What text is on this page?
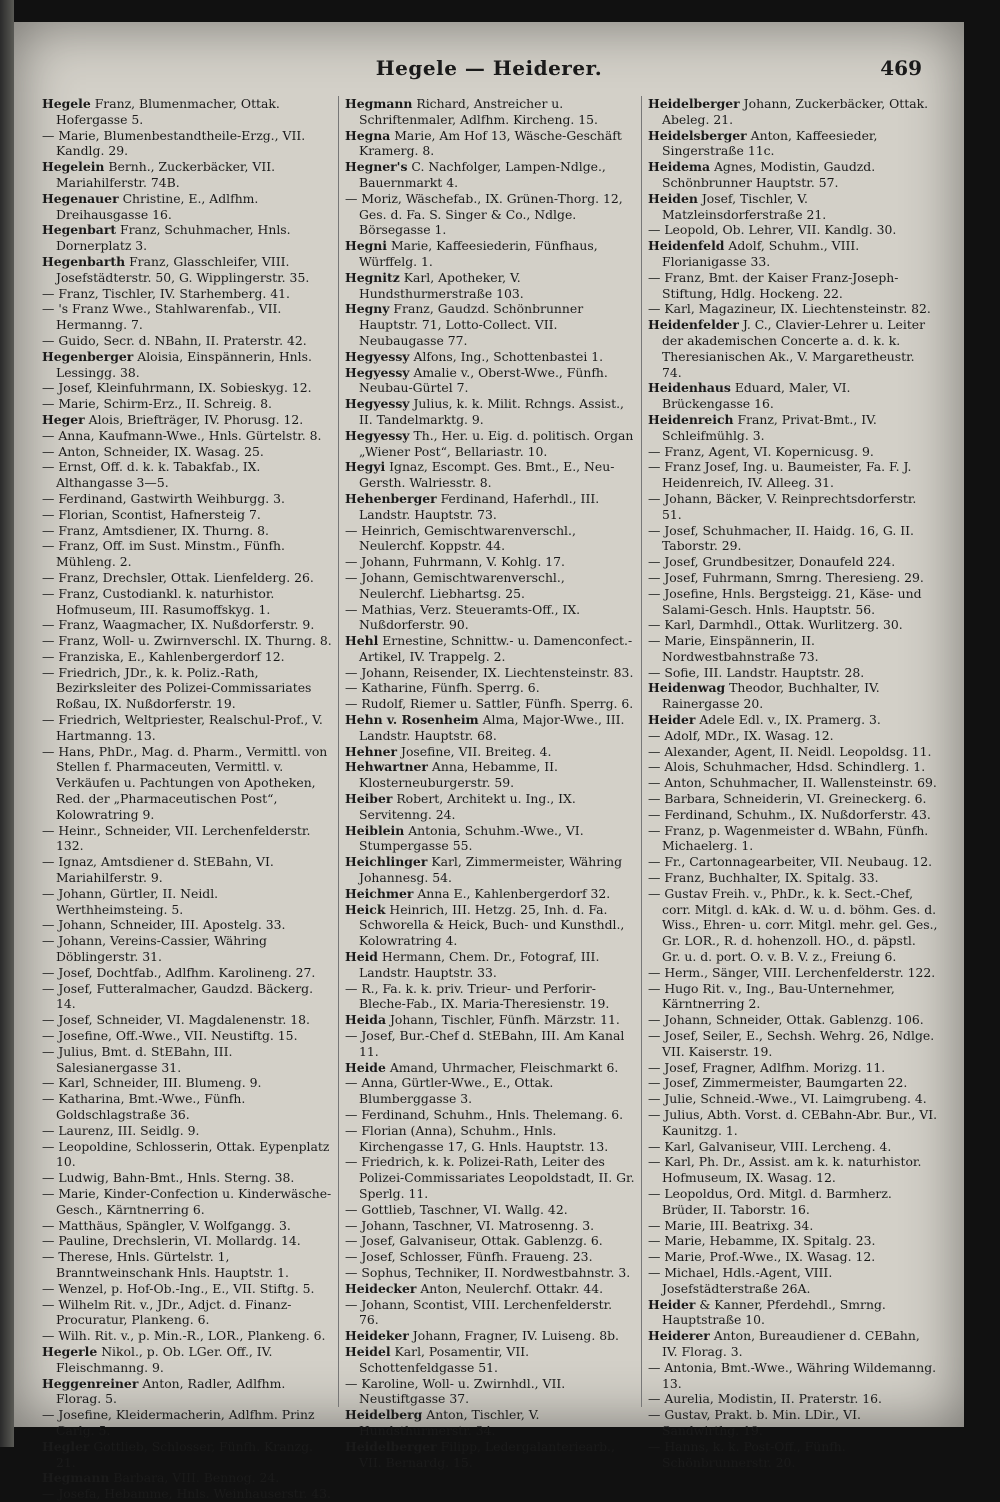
Hegele — Heiderer.	469
Hegele Franz, Blumenmacher, Ottak. Hofergasse 5.
— Marie, Blumenbestandtheile-Erzg., VII. Kandlg. 29.
Hegelein Bernh., Zuckerbäcker, VII. Mariahilferstr. 74B.
Hegenauer Christine, E., Adlfhm. Dreihausgasse 16.
Hegenbart Franz, Schuhmacher, Hnls. Dornerplatz 3.
Hegenbarth Franz, Glasschleifer, VIII. Josefstädterstr. 50, G. Wipplingerstr. 35.
— Franz, Tischler, IV. Starhemberg. 41.
— 's Franz Wwe., Stahlwarenfab., VII. Hermanng. 7.
— Guido, Secr. d. NBahn, II. Praterstr. 42.
Hegenberger Aloisia, Einspännerin, Hnls. Lessingg. 38.
— Josef, Kleinfuhrmann, IX. Sobieskyg. 12.
— Marie, Schirm-Erz., II. Schreig. 8.
Heger Alois, Briefträger, IV. Phorusg. 12.
— Anna, Kaufmann-Wwe., Hnls. Gürtelstr. 8.
— Anton, Schneider, IX. Wasag. 25.
— Ernst, Off. d. k. k. Tabakfab., IX. Althangasse 3—5.
— Ferdinand, Gastwirth Weihburgg. 3.
— Florian, Scontist, Hafnersteig 7.
— Franz, Amtsdiener, IX. Thurng. 8.
— Franz, Off. im Sust. Minstm., Fünfh. Mühleng. 2.
— Franz, Drechsler, Ottak. Lienfelderg. 26.
— Franz, Custodiankl. k. naturhistor. Hofmuseum, III. Rasumoffskyg. 1.
— Franz, Waagmacher, IX. Nußdorferstr. 9.
— Franz, Woll- u. Zwirnverschl. IX. Thurng. 8.
— Franziska, E., Kahlenbergerdorf 12.
— Friedrich, JDr., k. k. Poliz.-Rath, Bezirksleiter des Polizei-Commissariates Roßau, IX. Nußdorferstr. 19.
— Friedrich, Weltpriester, Realschul-Prof., V. Hartmanng. 13.
— Hans, PhDr., Mag. d. Pharm., Vermittl. von Stellen f. Pharmaceuten, Vermittl. v. Verkäufen u. Pachtungen von Apotheken, Red. der „Pharmaceutischen Post“, Kolowratring 9.
— Heinr., Schneider, VII. Lerchenfelderstr. 132.
— Ignaz, Amtsdiener d. StEBahn, VI. Mariahilferstr. 9.
— Johann, Gürtler, II. Neidl. Werthheimsteing. 5.
— Johann, Schneider, III. Apostelg. 33.
— Johann, Vereins-Cassier, Währing Döblingerstr. 31.
— Josef, Dochtfab., Adlfhm. Karolineng. 27.
— Josef, Futteralmacher, Gaudzd. Bäckerg. 14.
— Josef, Schneider, VI. Magdalenenstr. 18.
— Josefine, Off.-Wwe., VII. Neustiftg. 15.
— Julius, Bmt. d. StEBahn, III. Salesianergasse 31.
— Karl, Schneider, III. Blumeng. 9.
— Katharina, Bmt.-Wwe., Fünfh. Goldschlagstraße 36.
— Laurenz, III. Seidlg. 9.
— Leopoldine, Schlosserin, Ottak. Eypenplatz 10.
— Ludwig, Bahn-Bmt., Hnls. Sterng. 38.
— Marie, Kinder-Confection u. Kinderwäsche-Gesch., Kärntnerring 6.
— Matthäus, Spängler, V. Wolfgangg. 3.
— Pauline, Drechslerin, VI. Mollardg. 14.
— Therese, Hnls. Gürtelstr. 1, Branntweinschank Hnls. Hauptstr. 1.
— Wenzel, p. Hof-Ob.-Ing., E., VII. Stiftg. 5.
— Wilhelm Rit. v., JDr., Adjct. d. Finanz-Procuratur, Plankeng. 6.
— Wilh. Rit. v., p. Min.-R., LOR., Plankeng. 6.
Hegerle Nikol., p. Ob. LGer. Off., IV. Fleischmanng. 9.
Heggenreiner Anton, Radler, Adlfhm. Florag. 5.
— Josefine, Kleidermacherin, Adlfhm. Prinz Carlg. 5.
Hegler Gottlieb, Schlosser, Fünfh. Kranzg. 21.
Hegmann Barbara, VIII. Bennog. 24.
— Josefa, Hebamme, Hnls. Weinhauserstr. 43.
Hegmann Richard, Anstreicher u. Schriftenmaler, Adlfhm. Kircheng. 15.
Hegna Marie, Am Hof 13, Wäsche-Geschäft Kramerg. 8.
Hegner's C. Nachfolger, Lampen-Ndlge., Bauernmarkt 4.
— Moriz, Wäschefab., IX. Grünen-Thorg. 12, Ges. d. Fa. S. Singer & Co., Ndlge. Börsegasse 1.
Hegni Marie, Kaffeesiederin, Fünfhaus, Würffelg. 1.
Hegnitz Karl, Apotheker, V. Hundsthurmerstraße 103.
Hegny Franz, Gaudzd. Schönbrunner Hauptstr. 71, Lotto-Collect. VII. Neubaugasse 77.
Hegyessy Alfons, Ing., Schottenbastei 1.
Hegyessy Amalie v., Oberst-Wwe., Fünfh. Neubau-Gürtel 7.
Hegyessy Julius, k. k. Milit. Rchngs. Assist., II. Tandelmarktg. 9.
Hegyessy Th., Her. u. Eig. d. politisch. Organ „Wiener Post“, Bellariastr. 10.
Hegyi Ignaz, Escompt. Ges. Bmt., E., Neu-Gersth. Walriesstr. 8.
Hehenberger Ferdinand, Haferhdl., III. Landstr. Hauptstr. 73.
— Heinrich, Gemischtwarenverschl., Neulerchf. Koppstr. 44.
— Johann, Fuhrmann, V. Kohlg. 17.
— Johann, Gemischtwarenverschl., Neulerchf. Liebhartsg. 25.
— Mathias, Verz. Steueramts-Off., IX. Nußdorferstr. 90.
Hehl Ernestine, Schnittw.- u. Damenconfect.-Artikel, IV. Trappelg. 2.
— Johann, Reisender, IX. Liechtensteinstr. 83.
— Katharine, Fünfh. Sperrg. 6.
— Rudolf, Riemer u. Sattler, Fünfh. Sperrg. 6.
Hehn v. Rosenheim Alma, Major-Wwe., III. Landstr. Hauptstr. 68.
Hehner Josefine, VII. Breiteg. 4.
Hehwartner Anna, Hebamme, II. Klosterneuburgerstr. 59.
Heiber Robert, Architekt u. Ing., IX. Servitenng. 24.
Heiblein Antonia, Schuhm.-Wwe., VI. Stumpergasse 55.
Heichlinger Karl, Zimmermeister, Währing Johannesg. 54.
Heichmer Anna E., Kahlenbergerdorf 32.
Heick Heinrich, III. Hetzg. 25, Inh. d. Fa. Schworella & Heick, Buch- und Kunsthdl., Kolowratring 4.
Heid Hermann, Chem. Dr., Fotograf, III. Landstr. Hauptstr. 33.
— R., Fa. k. k. priv. Trieur- und Perforir-Bleche-Fab., IX. Maria-Theresienstr. 19.
Heida Johann, Tischler, Fünfh. Märzstr. 11.
— Josef, Bur.-Chef d. StEBahn, III. Am Kanal 11.
Heide Amand, Uhrmacher, Fleischmarkt 6.
— Anna, Gürtler-Wwe., E., Ottak. Blumberggasse 3.
— Ferdinand, Schuhm., Hnls. Thelemang. 6.
— Florian (Anna), Schuhm., Hnls. Kirchengasse 17, G. Hnls. Hauptstr. 13.
— Friedrich, k. k. Polizei-Rath, Leiter des Polizei-Commissariates Leopoldstadt, II. Gr. Sperlg. 11.
— Gottlieb, Taschner, VI. Wallg. 42.
— Johann, Taschner, VI. Matrosenng. 3.
— Josef, Galvaniseur, Ottak. Gablenzg. 6.
— Josef, Schlosser, Fünfh. Fraueng. 23.
— Sophus, Techniker, II. Nordwestbahnstr. 3.
Heidecker Anton, Neulerchf. Ottakr. 44.
— Johann, Scontist, VIII. Lerchenfelderstr. 76.
Heideker Johann, Fragner, IV. Luiseng. 8b.
Heidel Karl, Posamentir, VII. Schottenfeldgasse 51.
— Karoline, Woll- u. Zwirnhdl., VII. Neustiftgasse 37.
Heidelberg Anton, Tischler, V. Hundsthurmerstr. 34.
Heidelberger Filipp, Ledergalanteriearb., VII. Bernardg. 15.
Heidelberger Johann, Zuckerbäcker, Ottak. Abeleg. 21.
Heidelsberger Anton, Kaffeesieder, Singerstraße 11c.
Heidema Agnes, Modistin, Gaudzd. Schönbrunner Hauptstr. 57.
Heiden Josef, Tischler, V. Matzleinsdorferstraße 21.
— Leopold, Ob. Lehrer, VII. Kandlg. 30.
Heidenfeld Adolf, Schuhm., VIII. Florianigasse 33.
— Franz, Bmt. der Kaiser Franz-Joseph-Stiftung, Hdlg. Hockeng. 22.
— Karl, Magazineur, IX. Liechtensteinstr. 82.
Heidenfelder J. C., Clavier-Lehrer u. Leiter der akademischen Concerte a. d. k. k. Theresianischen Ak., V. Margaretheustr. 74.
Heidenhaus Eduard, Maler, VI. Brückengasse 16.
Heidenreich Franz, Privat-Bmt., IV. Schleifmühlg. 3.
— Franz, Agent, VI. Kopernicusg. 9.
— Franz Josef, Ing. u. Baumeister, Fa. F. J. Heidenreich, IV. Alleeg. 31.
— Johann, Bäcker, V. Reinprechtsdorferstr. 51.
— Josef, Schuhmacher, II. Haidg. 16, G. II. Taborstr. 29.
— Josef, Grundbesitzer, Donaufeld 224.
— Josef, Fuhrmann, Smrng. Theresieng. 29.
— Josefine, Hnls. Bergsteigg. 21, Käse- und Salami-Gesch. Hnls. Hauptstr. 56.
— Karl, Darmhdl., Ottak. Wurlitzerg. 30.
— Marie, Einspännerin, II. Nordwestbahnstraße 73.
— Sofie, III. Landstr. Hauptstr. 28.
Heidenwag Theodor, Buchhalter, IV. Rainergasse 20.
Heider Adele Edl. v., IX. Pramerg. 3.
— Adolf, MDr., IX. Wasag. 12.
— Alexander, Agent, II. Neidl. Leopoldsg. 11.
— Alois, Schuhmacher, Hdsd. Schindlerg. 1.
— Anton, Schuhmacher, II. Wallensteinstr. 69.
— Barbara, Schneiderin, VI. Greineckerg. 6.
— Ferdinand, Schuhm., IX. Nußdorferstr. 43.
— Franz, p. Wagenmeister d. WBahn, Fünfh. Michaelerg. 1.
— Fr., Cartonnagearbeiter, VII. Neubaug. 12.
— Franz, Buchhalter, IX. Spitalg. 33.
— Gustav Freih. v., PhDr., k. k. Sect.-Chef, corr. Mitgl. d. kAk. d. W. u. d. böhm. Ges. d. Wiss., Ehren- u. corr. Mitgl. mehr. gel. Ges., Gr. LOR., R. d. hohenzoll. HO., d. päpstl. Gr. u. d. port. O. v. B. V. z., Freiung 6.
— Herm., Sänger, VIII. Lerchenfelderstr. 122.
— Hugo Rit. v., Ing., Bau-Unternehmer, Kärntnerring 2.
— Johann, Schneider, Ottak. Gablenzg. 106.
— Josef, Seiler, E., Sechsh. Wehrg. 26, Ndlge. VII. Kaiserstr. 19.
— Josef, Fragner, Adlfhm. Morizg. 11.
— Josef, Zimmermeister, Baumgarten 22.
— Julie, Schneid.-Wwe., VI. Laimgrubeng. 4.
— Julius, Abth. Vorst. d. CEBahn-Abr. Bur., VI. Kaunitzg. 1.
— Karl, Galvaniseur, VIII. Lercheng. 4.
— Karl, Ph. Dr., Assist. am k. k. naturhistor. Hofmuseum, IX. Wasag. 12.
— Leopoldus, Ord. Mitgl. d. Barmherz. Brüder, II. Taborstr. 16.
— Marie, III. Beatrixg. 34.
— Marie, Hebamme, IX. Spitalg. 23.
— Marie, Prof.-Wwe., IX. Wasag. 12.
— Michael, Hdls.-Agent, VIII. Josefstädterstraße 26A.
Heider & Kanner, Pferdehdl., Smrng. Hauptstraße 10.
Heiderer Anton, Bureaudiener d. CEBahn, IV. Florag. 3.
— Antonia, Bmt.-Wwe., Währing Wildemanng. 13.
— Aurelia, Modistin, II. Praterstr. 16.
— Gustav, Prakt. b. Min. LDir., VI. Sandwirthg. 19.
— Hanns, k. k. Post-Off., Fünfh. Schönbrunnerstr. 20.
